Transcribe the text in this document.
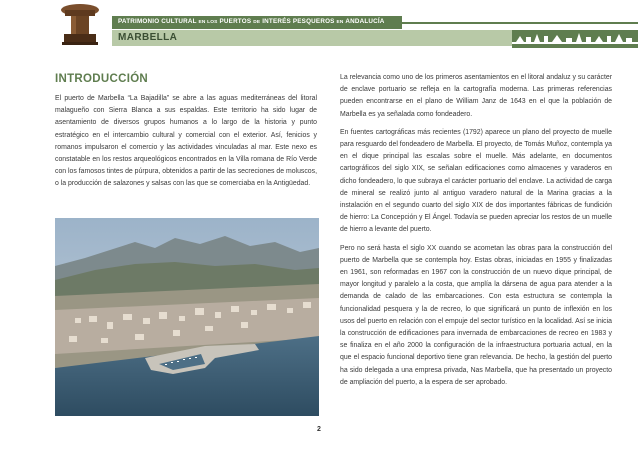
PATRIMONIO CULTURAL EN LOS PUERTOS DE INTERÉS PESQUEROS EN ANDALUCÍA
MARBELLA
INTRODUCCIÓN

El puerto de Marbella “La Bajadilla” se abre a las aguas mediterráneas del litoral malagueño con Sierra Blanca a sus espaldas. Este territorio ha sido lugar de asentamiento de diversos grupos humanos a lo largo de la historia y punto estratégico en el intercambio cultural y comercial con el exterior. Así, fenicios y romanos impulsaron el comercio y las actividades vinculadas al mar. Este nexo es constatable en los restos arqueológicos encontrados en la Villa romana de Río Verde con los famosos tintes de púrpura, obtenidos a partir de las secreciones de moluscos, o la producción de salazones y salsas con las que se comerciaba en la Antigüedad.

La relevancia como uno de los primeros asentamientos en el litoral andaluz y su carácter de enclave portuario se refleja en la cartografía moderna. Las primeras referencias pueden encontrarse en el plano de William Janz de 1643 en el que la población de Marbella es ya señalada como fondeadero.

En fuentes cartográficas más recientes (1792) aparece un plano del proyecto de muelle para resguardo del fondeadero de Marbella. El proyecto, de Tomás Muñoz, contempla ya en el dique principal las escalas sobre el muelle. Más adelante, en documentos cartográficos del siglo XIX, se señalan edificaciones como almacenes y varaderos en dicho fondeadero, lo que subraya el carácter portuario del enclave. La actividad de carga de mineral se realizó junto al antiguo varadero natural de la Marina gracias a la instalación en el segundo cuarto del siglo XIX de dos importantes fábricas de fundición de hierro: La Concepción y El Ángel. Todavía se pueden apreciar los restos de un muelle de hierro a levante del puerto.

Pero no será hasta el siglo XX cuando se acometan las obras para la construcción del puerto de Marbella que se contempla hoy. Estas obras, iniciadas en 1955 y finalizadas en 1961, son reformadas en 1967 con la construcción de un nuevo dique principal, de mayor longitud y paralelo a la costa, que amplía la dársena de agua para atender a la demanda de calado de las embarcaciones. Con esta estructura se contempla la funcionalidad pesquera y la de recreo, lo que significará un punto de inflexión en los usos del puerto en relación con el empuje del sector turístico en la localidad. Así se inicia la construcción de edificaciones para invernada de embarcaciones de recreo en 1983 y se finaliza en el año 2000 la configuración de la infraestructura portuaria actual, en la que el espacio funcional deportivo tiene gran relevancia. De hecho, la gestión del puerto ha sido delegada a una empresa privada, Nas Marbella, que ha presentado un proyecto de ampliación del puerto, a la espera de ser aprobado.

2
